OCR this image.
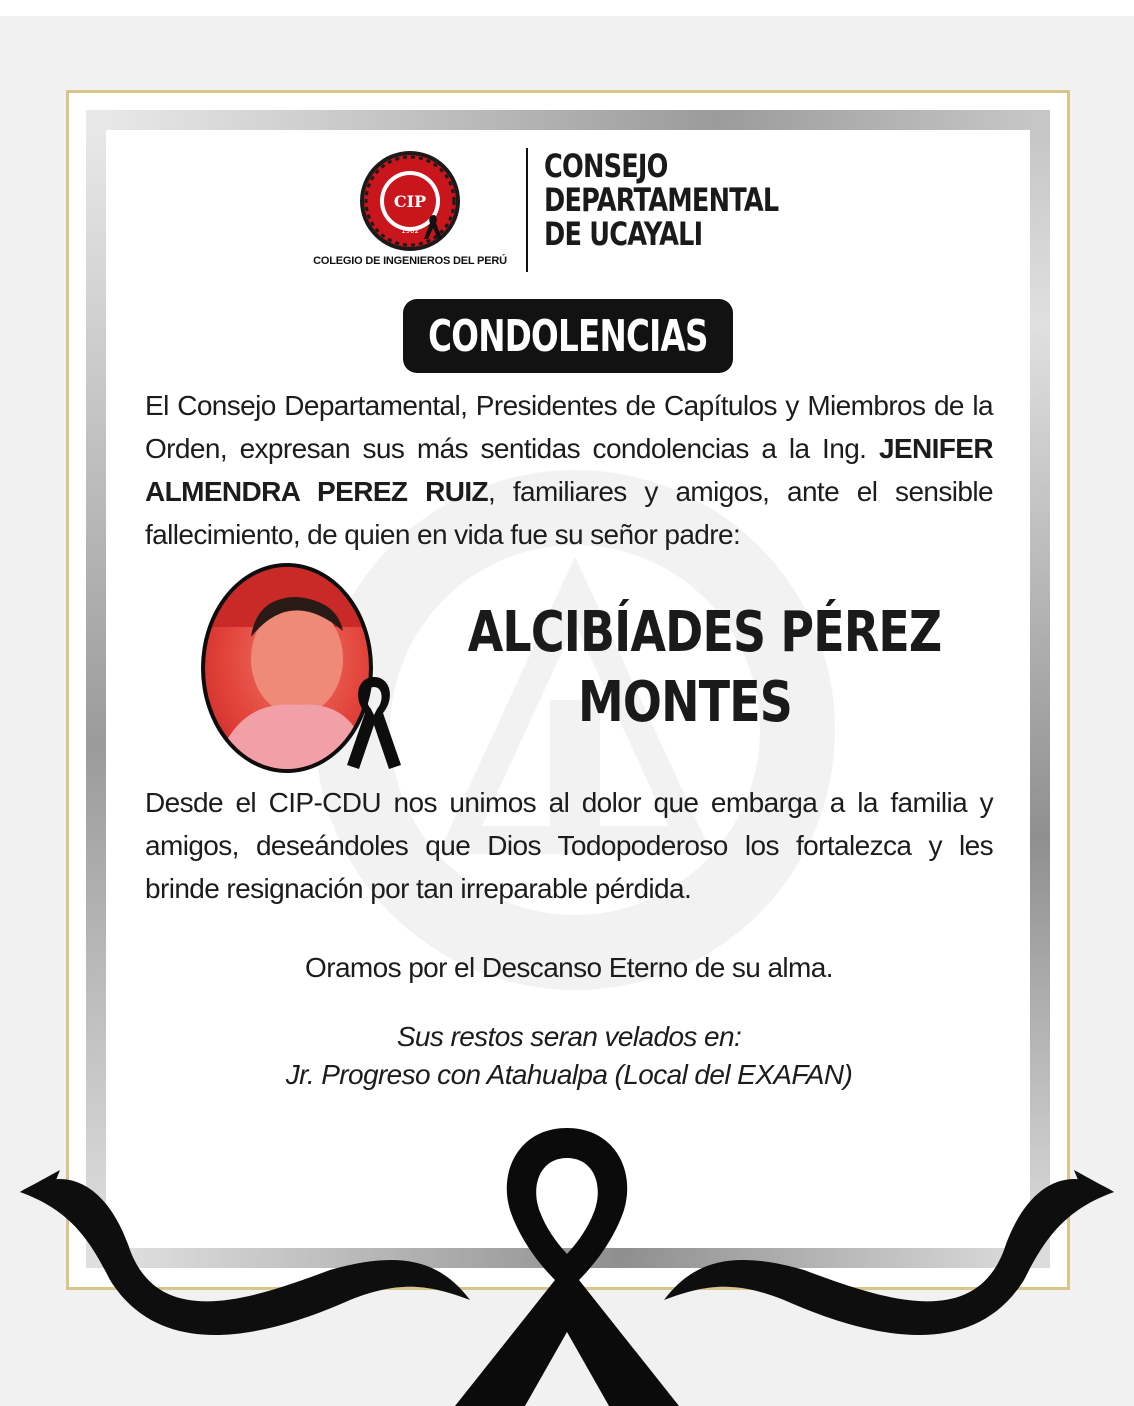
CIP
1962
COLEGIO DE INGENIEROS DEL PERÚ
CONSEJO
DEPARTAMENTAL
DE UCAYALI
CONDOLENCIAS
El Consejo Departamental, Presidentes de Capítulos y Miembros de la Orden, expresan sus más sentidas condolencias a la Ing. JENIFER ALMENDRA PEREZ RUIZ, familiares y amigos, ante el sensible fallecimiento, de quien en vida fue su señor padre:
ALCIBÍADES PÉREZ
MONTES
Desde el CIP-CDU nos unimos al dolor que embarga a la familia y amigos, deseándoles que Dios Todopoderoso los fortalezca y les brinde resignación por tan irreparable pérdida.
Oramos por el Descanso Eterno de su alma.
Sus restos seran velados en:
Jr. Progreso con Atahualpa (Local del EXAFAN)
